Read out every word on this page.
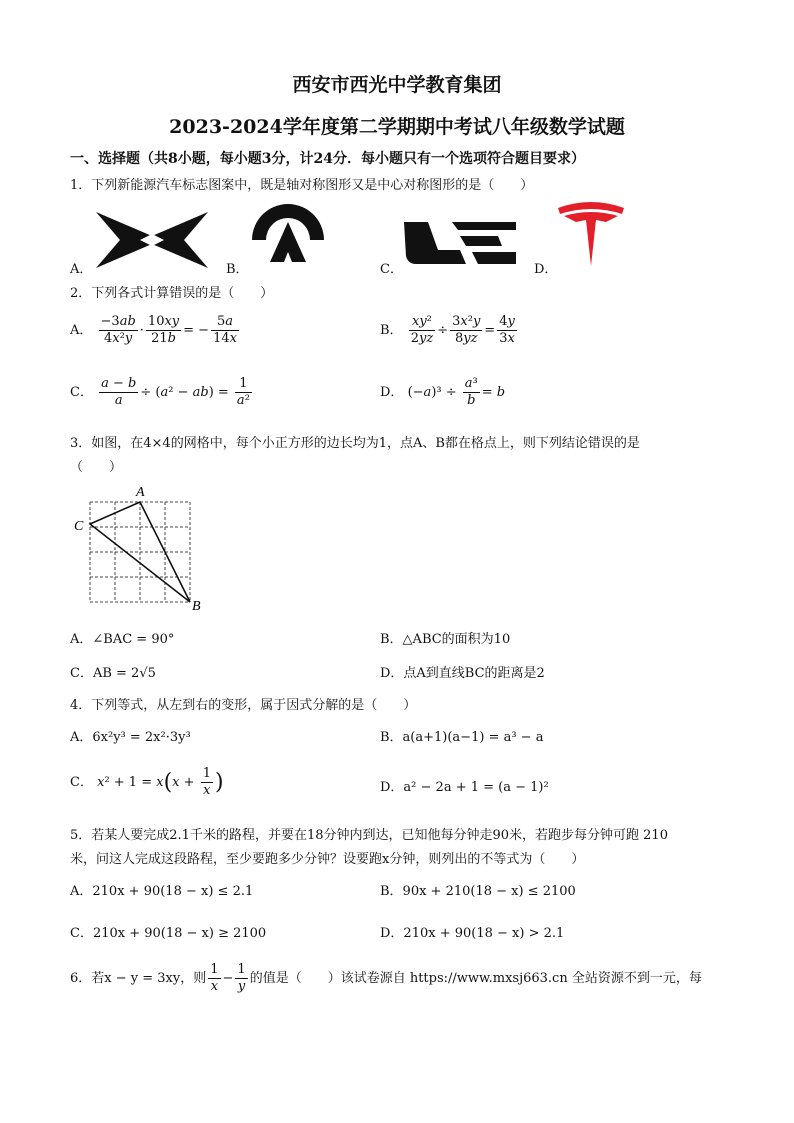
西安市西光中学教育集团
2023-2024学年度第二学期期中考试八年级数学试题
一、选择题（共8小题，每小题3分，计24分．每小题只有一个选项符合题目要求）
1．下列新能源汽车标志图案中，既是轴对称图形又是中心对称图形的是（　　）
A．	B．	C．	D．
2．下列各式计算错误的是（　　）
A． $\frac{-3ab}{\text{4x²y}} \cdot \frac{10xy}{21b}$ = − $\frac{5a}{14x}$	B． $\frac{\text{xy²}}{2yz} \div \frac{\text{3x²y}}{8yz} = \frac{4y}{3x}$
C． $\frac{a - b}{a} \div (a^2 - ab) = \frac{1}{\text{a²}}$	D． $(-a)^3 \div \frac{\text{a³}}{b} = b$
3．如图，在4×4的网格中，每个小正方形的边长均为1，点A、B都在格点上，则下列结论错误的是
（　　）
A
C
B
A．∠BAC = 90°	B．△ABC的面积为10
C．AB = 2√5	D．点A到直线BC的距离是2
4．下列等式，从左到右的变形，属于因式分解的是（　　）
A．6x²y³ = 2x²·3y³	B．a(a+1)(a−1) = a³ − a
C． $x^2 + 1 = x(x + \frac{1}{x}$ )	D．a² − 2a + 1 = (a − 1)²
5．若某人要完成2.1千米的路程，并要在18分钟内到达，已知他每分钟走90米，若跑步每分钟可跑 210
米，问这人完成这段路程，至少要跑多少分钟？设要跑x分钟，则列出的不等式为（　　）
A．210x + 90(18 − x) ≤ 2.1	B．90x + 210(18 − x) ≤ 2100
C．210x + 90(18 − x) ≥ 2100	D．210x + 90(18 − x) > 2.1
6．若x − y = 3xy，则 $\frac{1}{x} - \frac{1}{y}$ 的值是（　　）该试卷源自 https://www.mxsj663.cn 全站资源不到一元，每
